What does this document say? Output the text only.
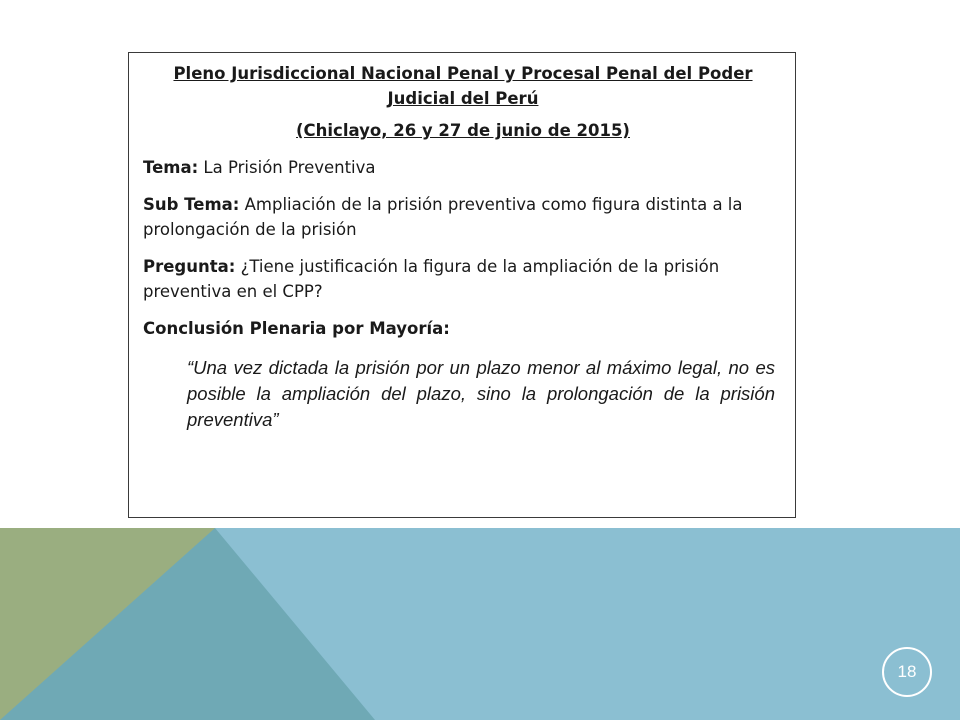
Pleno Jurisdiccional Nacional Penal y Procesal Penal del Poder Judicial del Perú

(Chiclayo, 26 y 27 de junio de 2015)

Tema: La Prisión Preventiva

Sub Tema: Ampliación de la prisión preventiva como figura distinta a la prolongación de la prisión

Pregunta: ¿Tiene justificación la figura de la ampliación de la prisión preventiva en el CPP?

Conclusión Plenaria por Mayoría:

“Una vez dictada la prisión por un plazo menor al máximo legal, no es posible la ampliación del plazo, sino la prolongación de la prisión preventiva”

18
